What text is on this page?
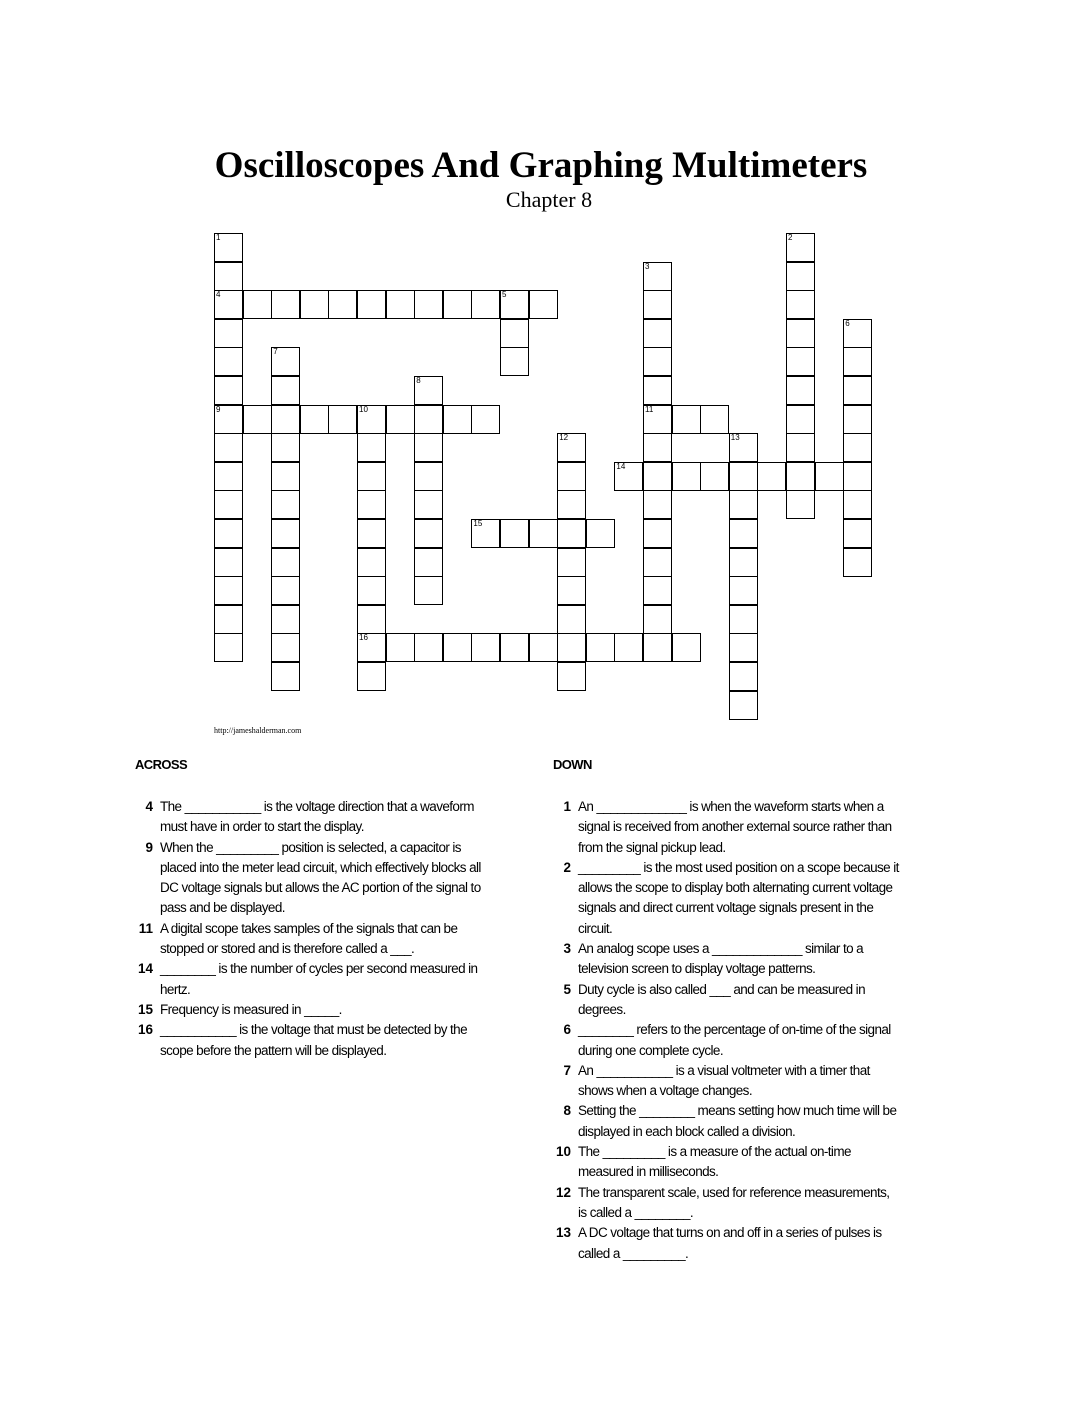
Oscilloscopes And Graphing Multimeters
Chapter 8
1
4
9
2
3
11
5
6
7
8
10
16
12	13
14
15
http://jameshalderman.com
ACROSS	DOWN
4 The ___________ is the voltage direction that a waveform must have in order to start the display.
9 When the _________ position is selected, a capacitor is placed into the meter lead circuit, which effectively blocks all DC voltage signals but allows the AC portion of the signal to pass and be displayed.
11 A digital scope takes samples of the signals that can be stopped or stored and is therefore called a ___.
14 ________ is the number of cycles per second measured in hertz.
15 Frequency is measured in _____.
16 ___________ is the voltage that must be detected by the scope before the pattern will be displayed.
1 An _____________ is when the waveform starts when a signal is received from another external source rather than from the signal pickup lead.
2 _________ is the most used position on a scope because it allows the scope to display both alternating current voltage signals and direct current voltage signals present in the circuit.
3 An analog scope uses a _____________ similar to a television screen to display voltage patterns.
5 Duty cycle is also called ___ and can be measured in degrees.
6 ________ refers to the percentage of on-time of the signal during one complete cycle.
7 An ___________ is a visual voltmeter with a timer that shows when a voltage changes.
8 Setting the ________ means setting how much time will be displayed in each block called a division.
10 The _________ is a measure of the actual on-time measured in milliseconds.
12 The transparent scale, used for reference measurements, is called a ________.
13 A DC voltage that turns on and off in a series of pulses is called a _________.
